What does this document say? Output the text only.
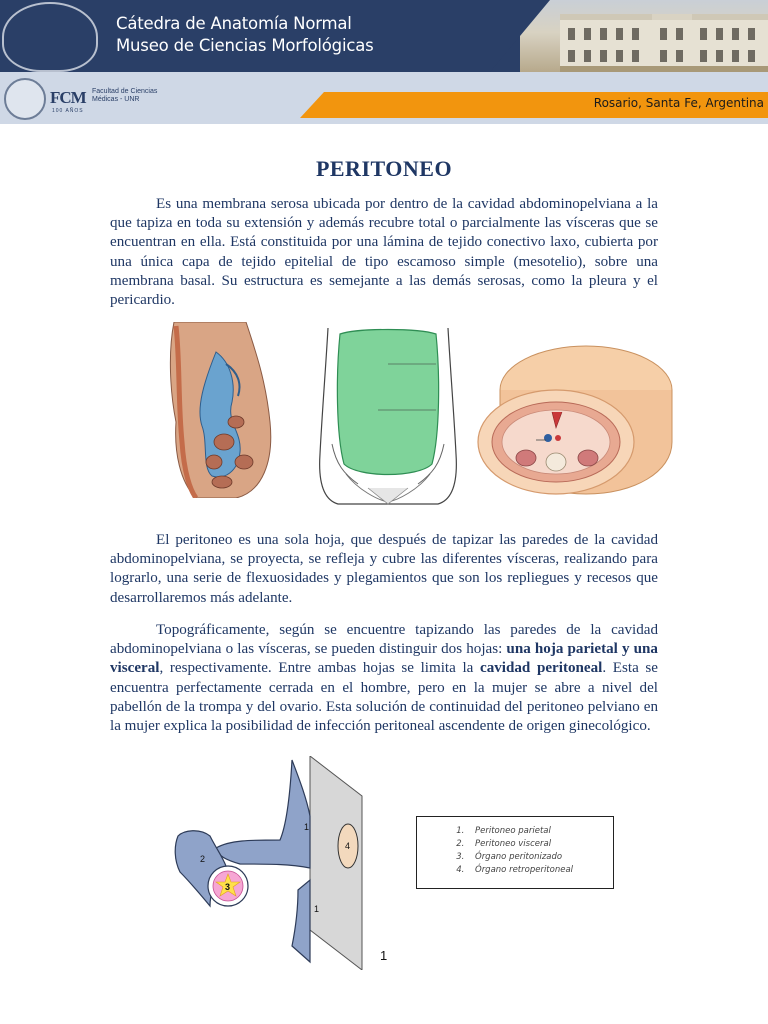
Cátedra de Anatomía Normal
Museo de Ciencias Morfológicas
Rosario, Santa Fe, Argentina
FCM Facultad de Ciencias
Médicas - UNR
100 AÑOS
PERITONEO

Es una membrana serosa ubicada por dentro de la cavidad abdominopelviana a la que tapiza en toda su extensión y además recubre total o parcialmente las vísceras que se encuentran en ella. Está constituida por una lámina de tejido conectivo laxo, cubierta por una única capa de tejido epitelial de tipo escamoso simple (mesotelio), sobre una membrana basal. Su estructura es semejante a las demás serosas, como la pleura y el pericardio.

El peritoneo es una sola hoja, que después de tapizar las paredes de la cavidad abdominopelviana, se proyecta, se refleja y cubre las diferentes vísceras, realizando para lograrlo, una serie de flexuosidades y plegamientos que son los repliegues y recesos que desarrollaremos más adelante.

Topográficamente, según se encuentre tapizando las paredes de la cavidad abdominopelviana o las vísceras, se pueden distinguir dos hojas: una hoja parietal y una visceral, respectivamente. Entre ambas hojas se limita la cavidad peritoneal. Esta se encuentra perfectamente cerrada en el hombre, pero en la mujer se abre a nivel del pabellón de la trompa y del ovario. Esta solución de continuidad del peritoneo pelviano en la mujer explica la posibilidad de infección peritoneal ascendente de origen ginecológico.

1
2
3
4
1
1. Peritoneo parietal
2. Peritoneo visceral
3. Órgano peritonizado
4. Órgano retroperitoneal
1
